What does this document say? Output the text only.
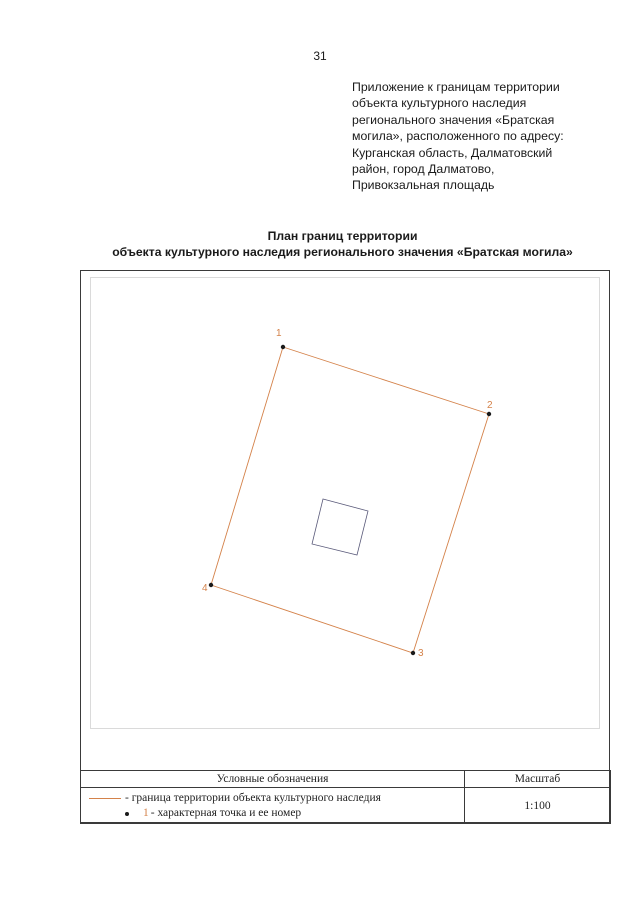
31

Приложение к границам территории
объекта культурного наследия
регионального значения «Братская
могила», расположенного по адресу:
Курганская область, Далматовский
район, город Далматово,
Привокзальная площадь

План границ территории
объекта культурного наследия регионального значения «Братская могила»
1
2
3
4
Условные обозначения	Масштаб

- граница территории объекта культурного наследия
1 - характерная точка и ее номер	1:100
